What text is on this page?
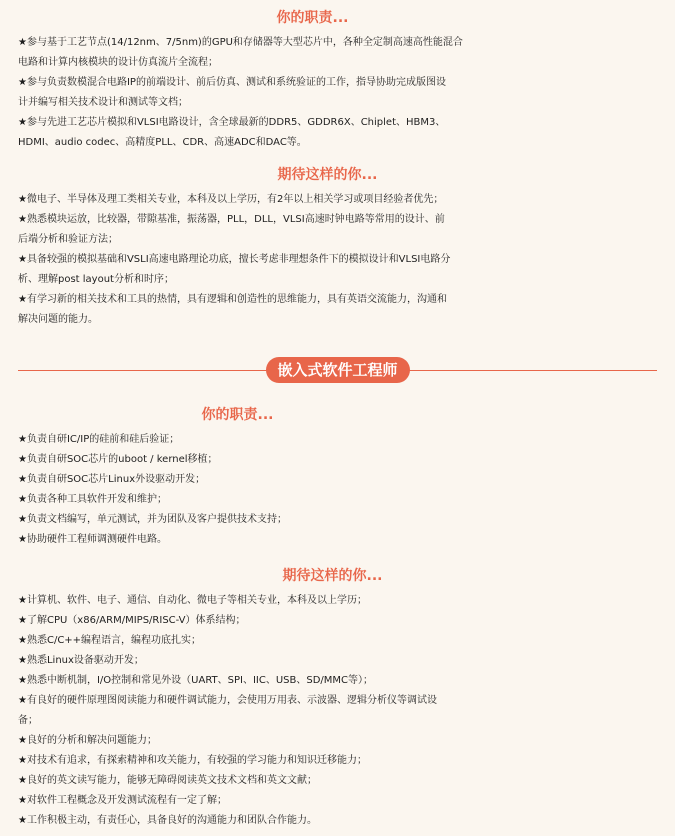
你的职责...
★参与基于工艺节点(14/12nm、7/5nm)的GPU和存储器等大型芯片中，各种全定制高速高性能混合
电路和计算内核模块的设计仿真流片全流程；
★参与负责数模混合电路IP的前端设计、前后仿真、测试和系统验证的工作，指导协助完成版图设
计并编写相关技术设计和测试等文档；
★参与先进工艺芯片模拟和VLSI电路设计，含全球最新的DDR5、GDDR6X、Chiplet、HBM3、
HDMI、audio codec、高精度PLL、CDR、高速ADC和DAC等。
期待这样的你...
★微电子、半导体及理工类相关专业，本科及以上学历，有2年以上相关学习或项目经验者优先；
★熟悉模块运放，比较器，带隙基准，振荡器，PLL，DLL，VLSI高速时钟电路等常用的设计、前
后端分析和验证方法；
★具备较强的模拟基础和VSLI高速电路理论功底，擅长考虑非理想条件下的模拟设计和VLSI电路分
析、理解post layout分析和时序；
★有学习新的相关技术和工具的热情，具有逻辑和创造性的思维能力，具有英语交流能力，沟通和
解决问题的能力。
嵌入式软件工程师
你的职责...
★负责自研IC/IP的硅前和硅后验证；
★负责自研SOC芯片的uboot / kernel移植；
★负责自研SOC芯片Linux外设驱动开发；
★负责各种工具软件开发和维护；
★负责文档编写，单元测试，并为团队及客户提供技术支持；
★协助硬件工程师调测硬件电路。
期待这样的你...
★计算机、软件、电子、通信、自动化、微电子等相关专业，本科及以上学历；
★了解CPU（x86/ARM/MIPS/RISC-V）体系结构；
★熟悉C/C++编程语言，编程功底扎实；
★熟悉Linux设备驱动开发；
★熟悉中断机制，I/O控制和常见外设（UART、SPI、IIC、USB、SD/MMC等）；
★有良好的硬件原理图阅读能力和硬件调试能力，会使用万用表、示波器、逻辑分析仪等调试设
备；
★良好的分析和解决问题能力；
★对技术有追求，有探索精神和攻关能力，有较强的学习能力和知识迁移能力；
★良好的英文读写能力，能够无障碍阅读英文技术文档和英文文献；
★对软件工程概念及开发测试流程有一定了解；
★工作积极主动，有责任心，具备良好的沟通能力和团队合作能力。
